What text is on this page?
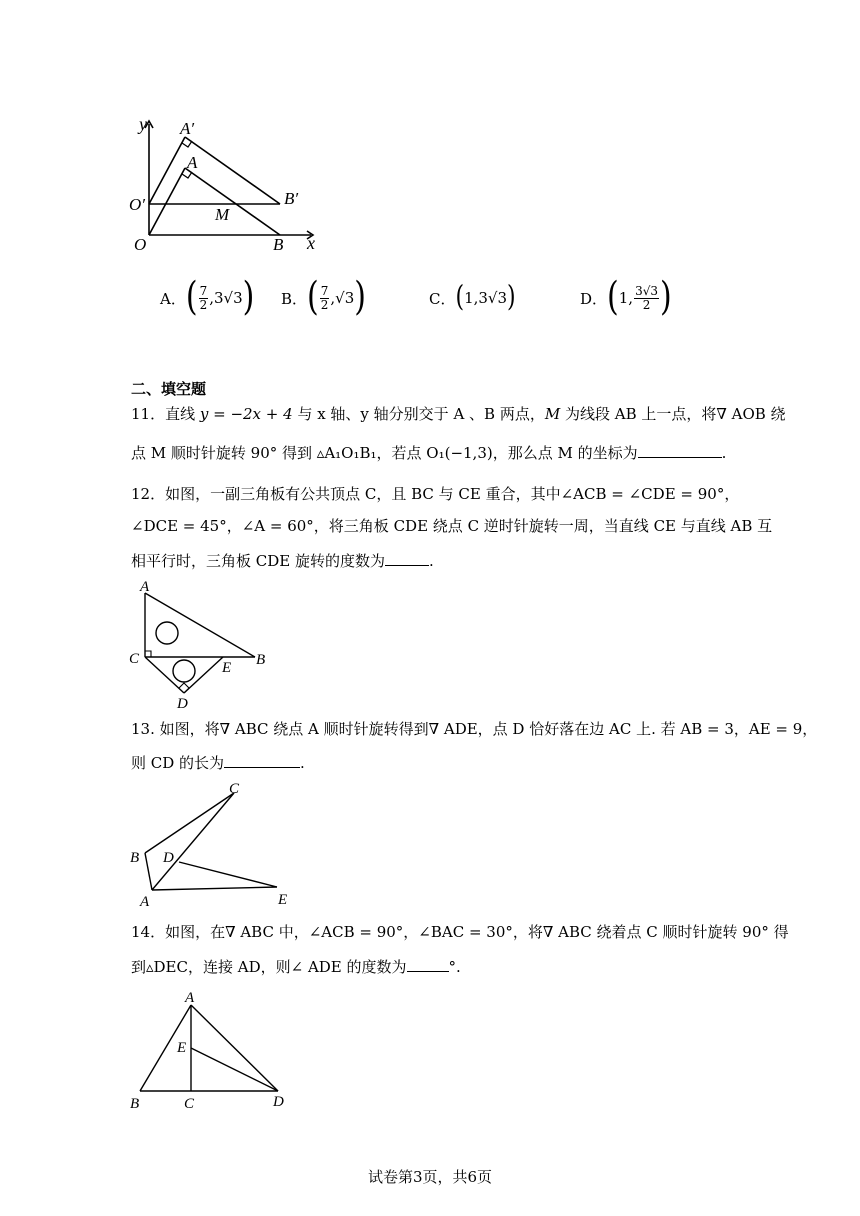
y
x
A′
A
O′	B′
M
O	B
A． ( $\frac{7}{2} ,3√3$ ) B． ( $\frac{7}{2} ,√3$ )	C． ( 1,3√3 )	D． ( 1, $\frac{3√3}{2}$ )
二、填空题
11．直线 y = −2x + 4 与 x 轴、y 轴分别交于 A 、B 两点，M 为线段 AB 上一点，将∇ AOB 绕
点 M 顺时针旋转 90° 得到 ▵A₁O₁B₁，若点 O₁(−1,3)，那么点 M 的坐标为	.
12．如图，一副三角板有公共顶点 C，且 BC 与 CE 重合，其中∠ACB = ∠CDE = 90°，
∠DCE = 45°，∠A = 60°，将三角板 CDE 绕点 C 逆时针旋转一周，当直线 CE 与直线 AB 互
相平行时，三角板 CDE 旋转的度数为	.
A
C
E B
D
13. 如图，将∇ ABC 绕点 A 顺时针旋转得到∇ ADE，点 D 恰好落在边 AC 上. 若 AB = 3，AE = 9，
则 CD 的长为	.
C
B D
A	E
14．如图，在∇ ABC 中，∠ACB = 90°，∠BAC = 30°，将∇ ABC 绕着点 C 顺时针旋转 90° 得
到▵DEC，连接 AD，则∠ ADE 的度数为	°.
A
E
B	C	D
试卷第3页，共6页
